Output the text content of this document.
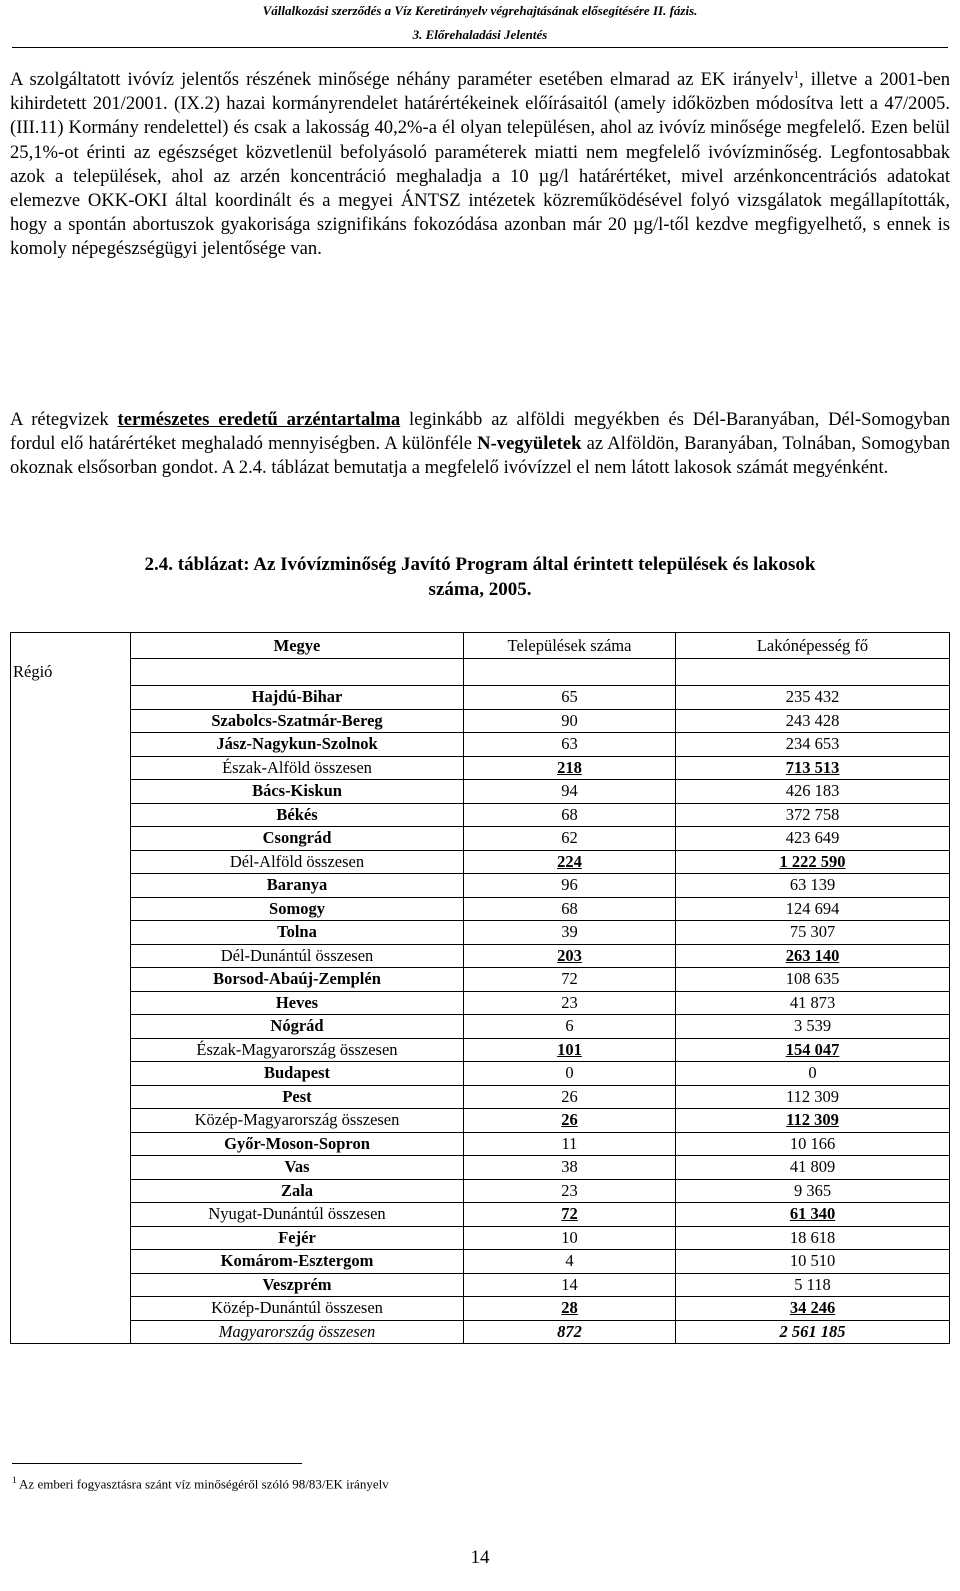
Vállalkozási szerződés a Víz Keretirányelv végrehajtásának elősegítésére II. fázis.
3. Előrehaladási Jelentés
A szolgáltatott ivóvíz jelentős részének minősége néhány paraméter esetében elmarad az EK irányelv$^1$, illetve a 2001-ben kihirdetett 201/2001. (IX.2) hazai kormányrendelet határértékeinek előírásaitól (amely időközben módosítva lett a 47/2005. (III.11) Kormány rendelettel) és csak a lakosság 40,2%-a él olyan településen, ahol az ivóvíz minősége megfelelő. Ezen belül 25,1%-ot érinti az egészséget közvetlenül befolyásoló paraméterek miatti nem megfelelő ivóvízminőség. Legfontosabbak azok a települések, ahol az arzén koncentráció meghaladja a 10 µg/l határértéket, mivel arzénkoncentrációs adatokat elemezve OKK-OKI által koordinált és a megyei ÁNTSZ intézetek közreműködésével folyó vizsgálatok megállapították, hogy a spontán abortuszok gyakorisága szignifikáns fokozódása azonban már 20 µg/l-től kezdve megfigyelhető, s ennek is komoly népegészségügyi jelentősége van.
A rétegvizek természetes eredetű arzéntartalma leginkább az alföldi megyékben és Dél-Baranyában, Dél-Somogyban fordul elő határértéket meghaladó mennyiségben. A különféle N-vegyületek az Alföldön, Baranyában, Tolnában, Somogyban okoznak elsősorban gondot. A 2.4. táblázat bemutatja a megfelelő ivóvízzel el nem látott lakosok számát megyénként.
2.4. táblázat: Az Ivóvízminőség Javító Program által érintett települések és lakosok
száma, 2005.
	Megye	Települések száma	Lakónépesség fő
Régió			
	Hajdú-Bihar	65	235 432
	Szabolcs-Szatmár-Bereg	90	243 428
	Jász-Nagykun-Szolnok	63	234 653
	Észak-Alföld összesen	218	713 513
	Bács-Kiskun	94	426 183
	Békés	68	372 758
	Csongrád	62	423 649
	Dél-Alföld összesen	224	1 222 590
	Baranya	96	63 139
	Somogy	68	124 694
	Tolna	39	75 307
	Dél-Dunántúl összesen	203	263 140
	Borsod-Abaúj-Zemplén	72	108 635
	Heves	23	41 873
	Nógrád	6	3 539
	Észak-Magyarország összesen	101	154 047
	Budapest	0	0
	Pest	26	112 309
	Közép-Magyarország összesen	26	112 309
	Győr-Moson-Sopron	11	10 166
	Vas	38	41 809
	Zala	23	9 365
	Nyugat-Dunántúl összesen	72	61 340
	Fejér	10	18 618
	Komárom-Esztergom	4	10 510
	Veszprém	14	5 118
	Közép-Dunántúl összesen	28	34 246
	Magyarország összesen	872	2 561 185
$^1$ Az emberi fogyasztásra szánt víz minőségéről szóló 98/83/EK irányelv
14
